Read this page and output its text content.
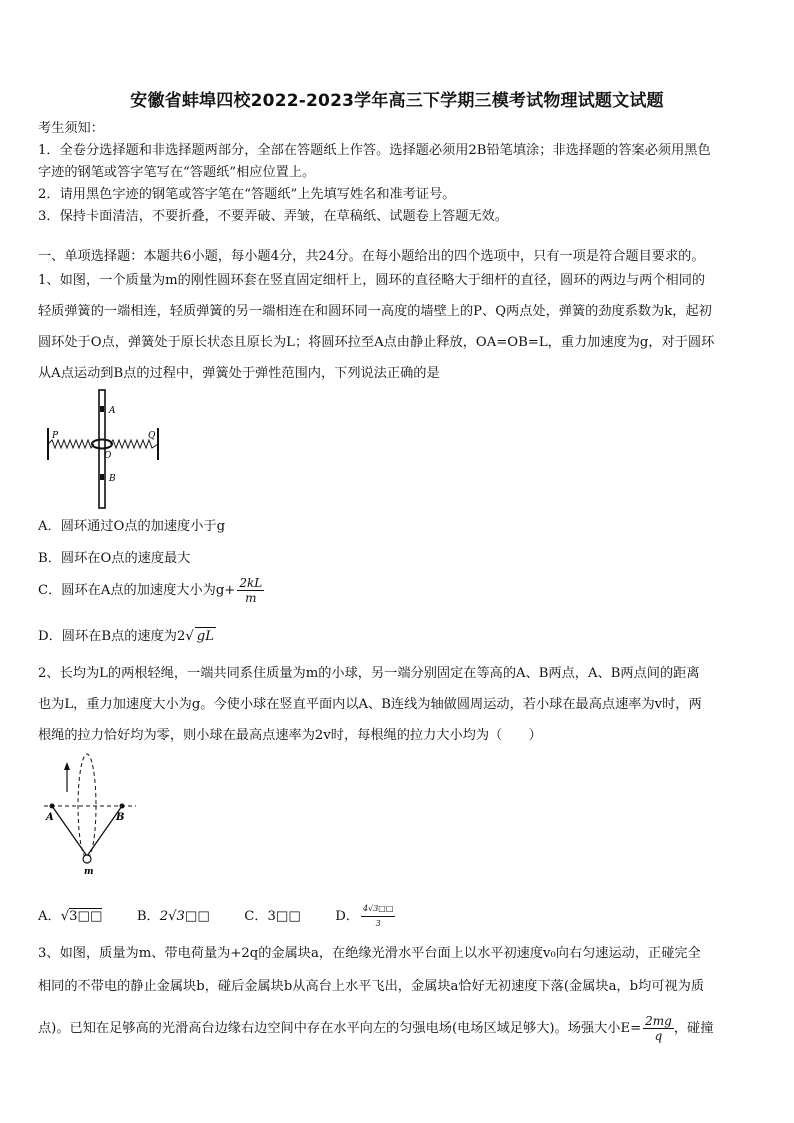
安徽省蚌埠四校2022-2023学年高三下学期三模考试物理试题文试题
考生须知：
1．全卷分选择题和非选择题两部分，全部在答题纸上作答。选择题必须用2B铅笔填涂；非选择题的答案必须用黑色
字迹的钢笔或答字笔写在“答题纸”相应位置上。
2．请用黑色字迹的钢笔或答字笔在“答题纸”上先填写姓名和准考证号。
3．保持卡面清洁，不要折叠，不要弄破、弄皱，在草稿纸、试题卷上答题无效。
一、单项选择题：本题共6小题，每小题4分，共24分。在每小题给出的四个选项中，只有一项是符合题目要求的。
1、如图，一个质量为m的刚性圆环套在竖直固定细杆上，圆环的直径略大于细杆的直径，圆环的两边与两个相同的
轻质弹簧的一端相连，轻质弹簧的另一端相连在和圆环同一高度的墙壁上的P、Q两点处，弹簧的劲度系数为k，起初
圆环处于O点，弹簧处于原长状态且原长为L；将圆环拉至A点由静止释放，OA=OB=L，重力加速度为g，对于圆环
从A点运动到B点的过程中，弹簧处于弹性范围内，下列说法正确的是
P	Q
A
O
B
A．圆环通过O点的加速度小于g
B．圆环在O点的速度最大
C．圆环在A点的加速度大小为$g+ \frac{2kL}{m}$
D．圆环在B点的速度为2√ gL
2、长均为L的两根轻绳，一端共同系住质量为m的小球，另一端分别固定在等高的A、B两点，A、B两点间的距离
也为L，重力加速度大小为g。今使小球在竖直平面内以A、B连线为轴做圆周运动，若小球在最高点速率为v时，两
根绳的拉力恰好均为零，则小球在最高点速率为2v时，每根绳的拉力大小均为（　　）
A	B
m
A．√3□□	B．2√3□□	C．3□□	D． $\frac{4√3□□}{3}$
3、如图，质量为m、带电荷量为+2q的金属块a，在绝缘光滑水平台面上以水平初速度v₀向右匀速运动，正碰完全
相同的不带电的静止金属块b，碰后金属块b从高台上水平飞出，金属块a恰好无初速度下落(金属块a，b均可视为质
点)。已知在足够高的光滑高台边缘右边空间中存在水平向左的匀强电场(电场区域足够大)。场强大小$E= \frac{2mg}{q}$ ，碰撞
